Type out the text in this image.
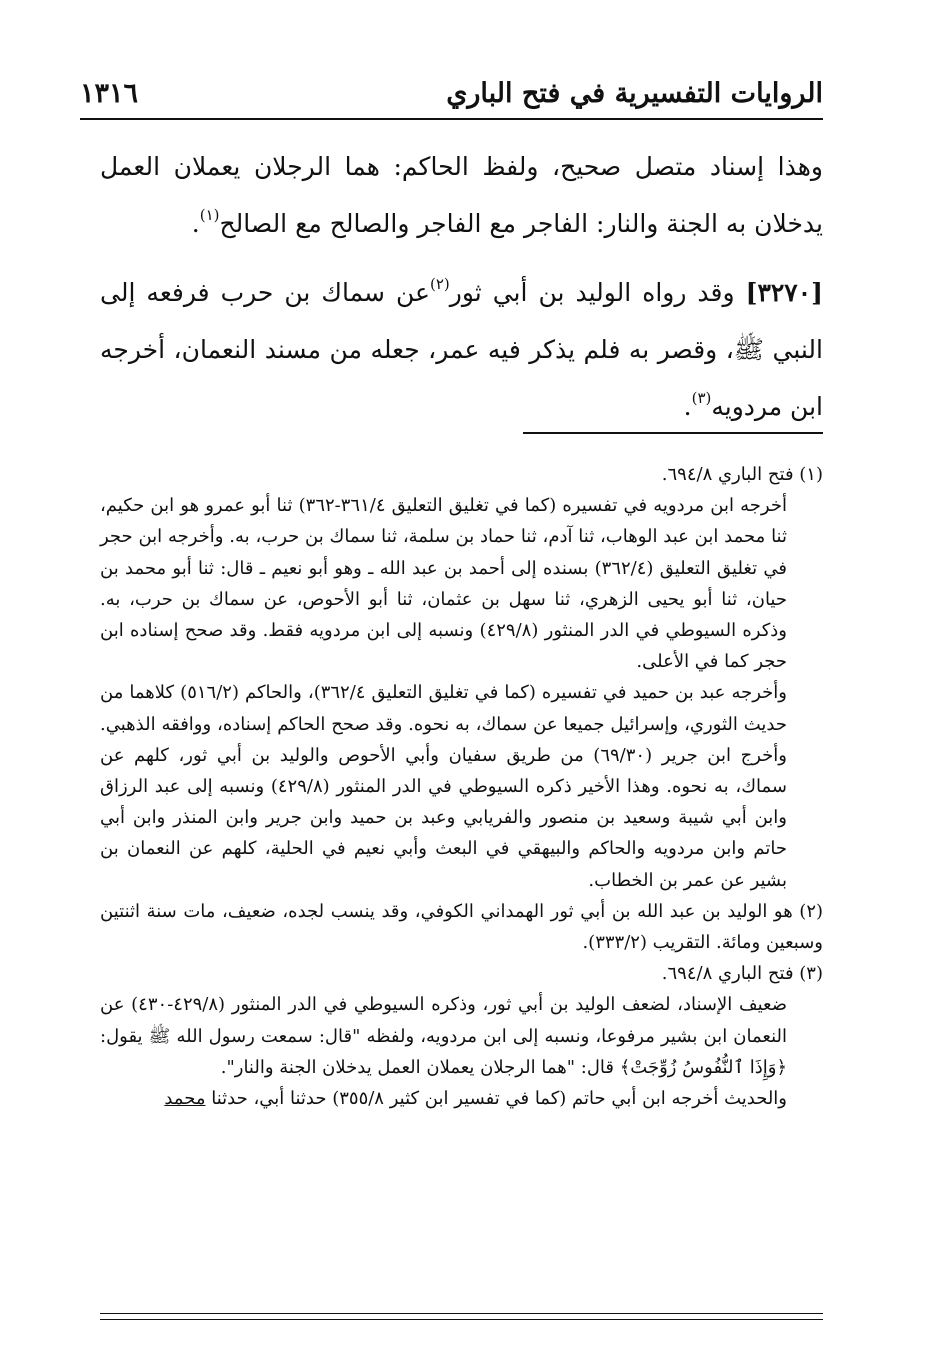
الروايات التفسيرية في فتح الباري
١٣١٦

وهذا إسناد متصل صحيح، ولفظ الحاكم: هما الرجلان يعملان العمل يدخلان به الجنة والنار: الفاجر مع الفاجر والصالح مع الصالح$^{(١)}$.

[٣٢٧٠] وقد رواه الوليد بن أبي ثور$^{(٢)}$عن سماك بن حرب فرفعه إلى النبي ﷺ، وقصر به فلم يذكر فيه عمر، جعله من مسند النعمان، أخرجه ابن مردويه$^{(٣)}$.

(١) فتح الباري ٦٩٤/٨.

أخرجه ابن مردويه في تفسيره (كما في تغليق التعليق ٣٦١/٤-٣٦٢) ثنا أبو عمرو هو ابن حكيم، ثنا محمد ابن عبد الوهاب، ثنا آدم، ثنا حماد بن سلمة، ثنا سماك بن حرب، به. وأخرجه ابن حجر في تغليق التعليق (٣٦٢/٤) بسنده إلى أحمد بن عبد الله ـ وهو أبو نعيم ـ قال: ثنا أبو محمد بن حيان، ثنا أبو يحيى الزهري، ثنا سهل بن عثمان، ثنا أبو الأحوص، عن سماك بن حرب، به. وذكره السيوطي في الدر المنثور (٤٢٩/٨) ونسبه إلى ابن مردويه فقط. وقد صحح إسناده ابن حجر كما في الأعلى.

وأخرجه عبد بن حميد في تفسيره (كما في تغليق التعليق ٣٦٢/٤)، والحاكم (٥١٦/٢) كلاهما من حديث الثوري، وإسرائيل جميعا عن سماك، به نحوه. وقد صحح الحاكم إسناده، ووافقه الذهبي. وأخرج ابن جرير (٦٩/٣٠) من طريق سفيان وأبي الأحوص والوليد بن أبي ثور، كلهم عن سماك، به نحوه. وهذا الأخير ذكره السيوطي في الدر المنثور (٤٢٩/٨) ونسبه إلى عبد الرزاق وابن أبي شيبة وسعيد بن منصور والفريابي وعبد بن حميد وابن جرير وابن المنذر وابن أبي حاتم وابن مردويه والحاكم والبيهقي في البعث وأبي نعيم في الحلية، كلهم عن النعمان بن بشير عن عمر بن الخطاب.

(٢) هو الوليد بن عبد الله بن أبي ثور الهمداني الكوفي، وقد ينسب لجده، ضعيف، مات سنة اثنتين وسبعين ومائة. التقريب (٣٣٣/٢).

(٣) فتح الباري ٦٩٤/٨.

ضعيف الإسناد، لضعف الوليد بن أبي ثور، وذكره السيوطي في الدر المنثور (٤٢٩/٨-٤٣٠) عن النعمان ابن بشير مرفوعا، ونسبه إلى ابن مردويه، ولفظه "قال: سمعت رسول الله ﷺ يقول: ﴿وَإِذَا ٱلنُّفُوسُ زُوِّجَتْ﴾ قال: "هما الرجلان يعملان العمل يدخلان الجنة والنار".

والحديث أخرجه ابن أبي حاتم (كما في تفسير ابن كثير ٣٥٥/٨) حدثنا أبي، حدثنا محمد
